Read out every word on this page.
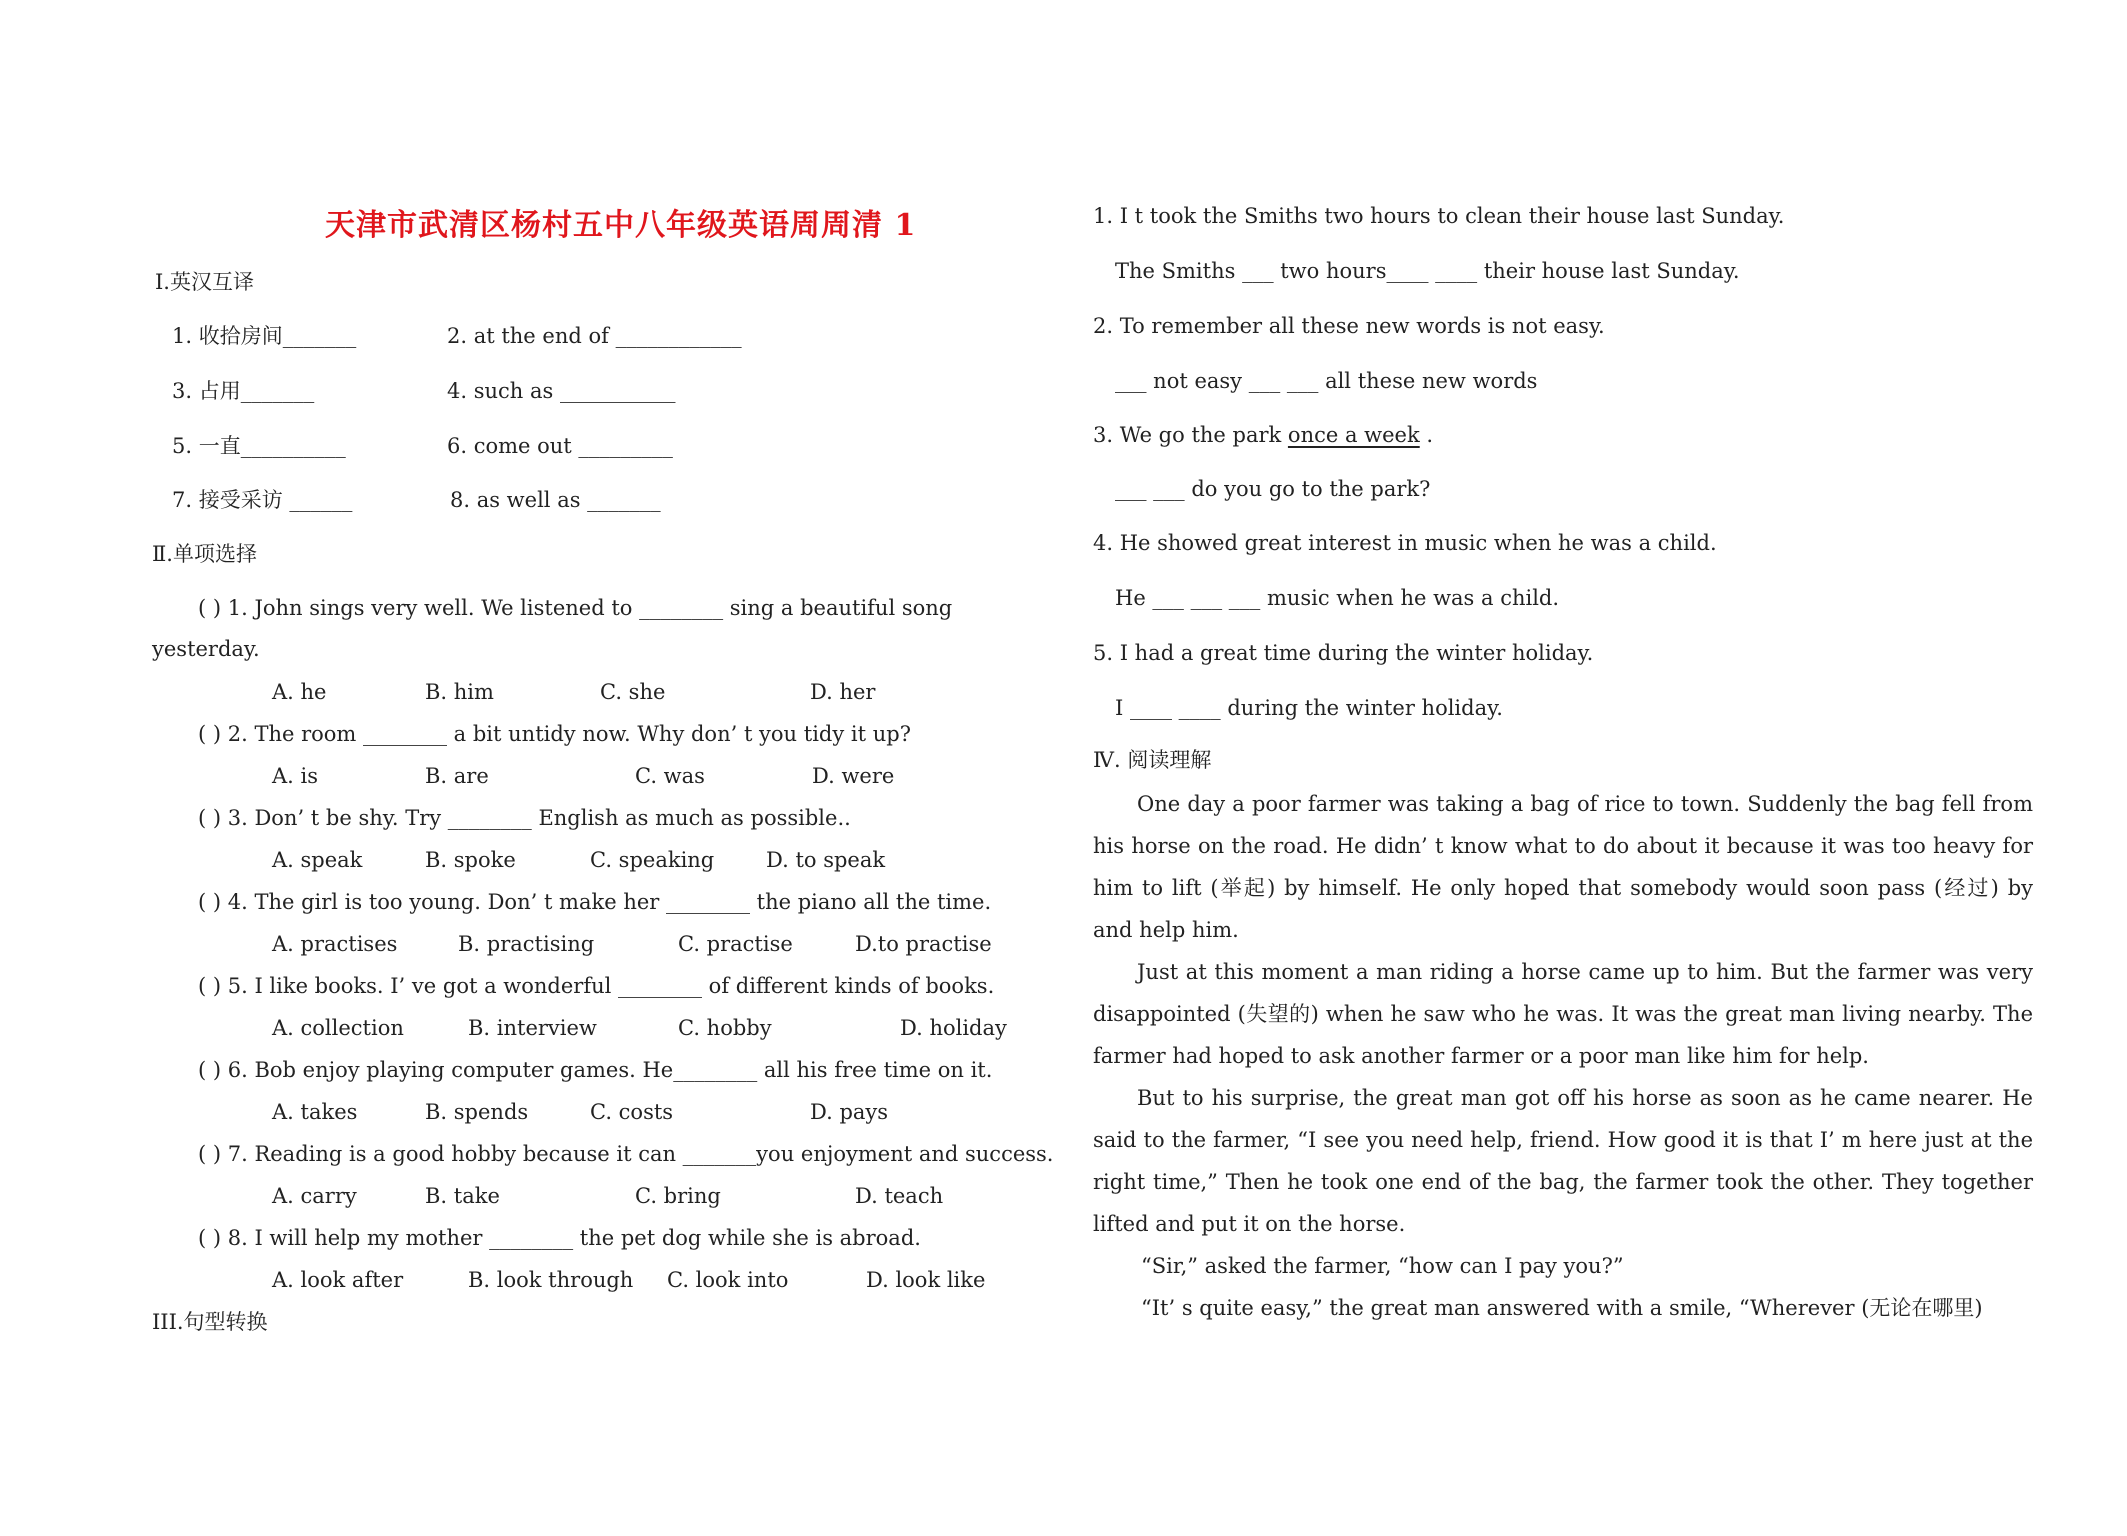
天津市武清区杨村五中八年级英语周周清 1
Ⅰ.英汉互译
1. 收拾房间_______	2. at the end of ____________
3. 占用_______	4. such as ___________
5. 一直__________	6. come out _________
7. 接受采访 ______	8. as well as _______
Ⅱ.单项选择
( ) 1. John sings very well. We listened to ________ sing a beautiful song
yesterday.
A. he	B. him	C. she	D. her
( ) 2. The room ________ a bit untidy now. Why don’ t you tidy it up?
A. is	B. are	C. was	D. were
( ) 3. Don’ t be shy. Try ________ English as much as possible..
A. speak	B. spoke	C. speaking D. to speak
( ) 4. The girl is too young. Don’ t make her ________ the piano all the time.
A. practises	B. practising	C. practise	D.to practise
( ) 5. I like books. I’ ve got a wonderful ________ of different kinds of books.
A. collection	B. interview	C. hobby	D. holiday
( ) 6. Bob enjoy playing computer games. He________ all his free time on it.
A. takes	B. spends	C. costs	D. pays
( ) 7. Reading is a good hobby because it can _______you enjoyment and success.
A. carry	B. take	C. bring	D. teach
( ) 8. I will help my mother ________ the pet dog while she is abroad.
A. look after	B. look through C. look into	D. look like
III.句型转换
1. I t took the Smiths two hours to clean their house last Sunday.
The Smiths ___ two hours____ ____ their house last Sunday.
2. To remember all these new words is not easy.
___ not easy ___ ___ all these new words
3. We go the park once a week .
___ ___ do you go to the park?
4. He showed great interest in music when he was a child.
He ___ ___ ___ music when he was a child.
5. I had a great time during the winter holiday.
I ____ ____ during the winter holiday.
Ⅳ. 阅读理解
One day a poor farmer was taking a bag of rice to town. Suddenly the bag fell from his horse on the road. He didn’ t know what to do about it because it was too heavy for him to lift (举起) by himself. He only hoped that somebody would soon pass (经过) by and help him.
Just at this moment a man riding a horse came up to him. But the farmer was very disappointed (失望的) when he saw who he was. It was the great man living nearby. The farmer had hoped to ask another farmer or a poor man like him for help.
But to his surprise, the great man got off his horse as soon as he came nearer. He said to the farmer, “I see you need help, friend. How good it is that I’ m here just at the right time,” Then he took one end of the bag, the farmer took the other. They together lifted and put it on the horse.
“Sir,” asked the farmer, “how can I pay you?”
“It’ s quite easy,” the great man answered with a smile, “Wherever (无论在哪里)
